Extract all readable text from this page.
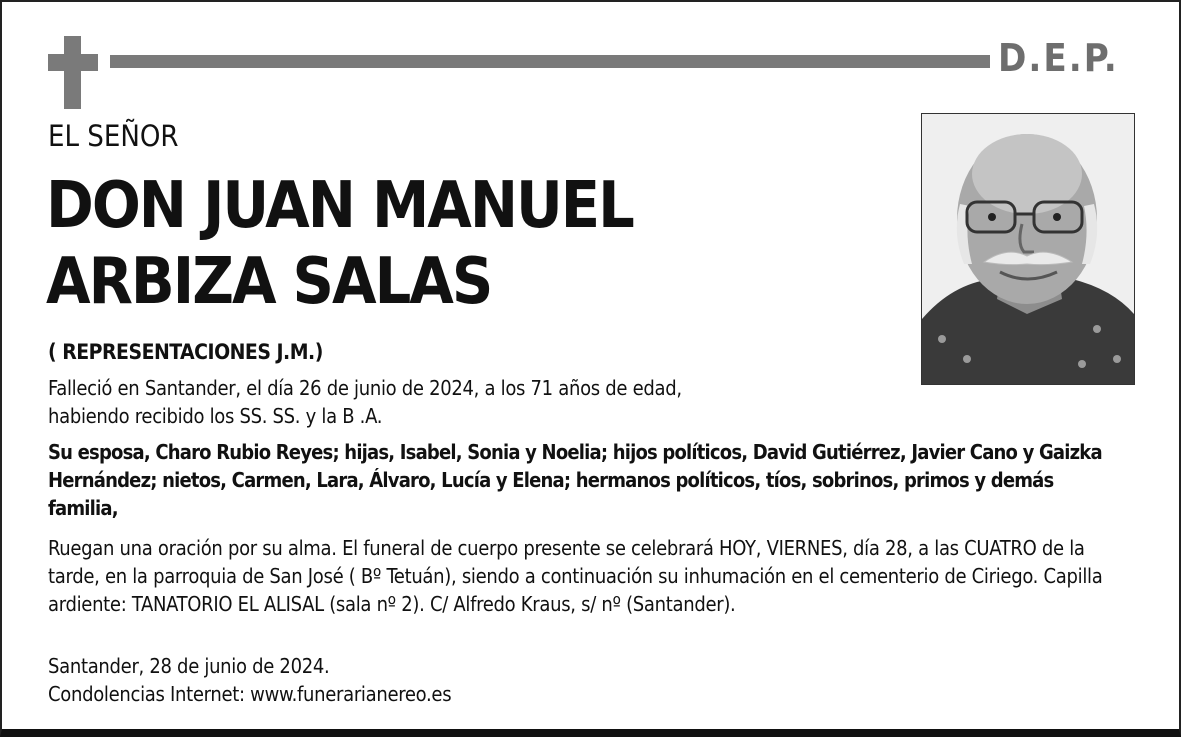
D.E.P.
EL SEÑOR
DON JUAN MANUEL
ARBIZA SALAS
( REPRESENTACIONES J.M.)
Falleció en Santander, el día 26 de junio de 2024, a los 71 años de edad,
habiendo recibido los SS. SS. y la B .A.
Su esposa, Charo Rubio Reyes; hijas, Isabel, Sonia y Noelia; hijos políticos, David Gutiérrez, Javier Cano y Gaizka Hernández; nietos, Carmen, Lara, Álvaro, Lucía y Elena; hermanos políticos, tíos, sobrinos, primos y demás familia,
Ruegan una oración por su alma. El funeral de cuerpo presente se celebrará HOY, VIERNES, día 28, a las CUATRO de la tarde, en la parroquia de San José ( Bº Tetuán), siendo a continuación su inhumación en el cementerio de Ciriego. Capilla ardiente: TANATORIO EL ALISAL (sala nº 2). C/ Alfredo Kraus, s/ nº (Santander).
Santander, 28 de junio de 2024.
Condolencias Internet: www.funerarianereo.es
